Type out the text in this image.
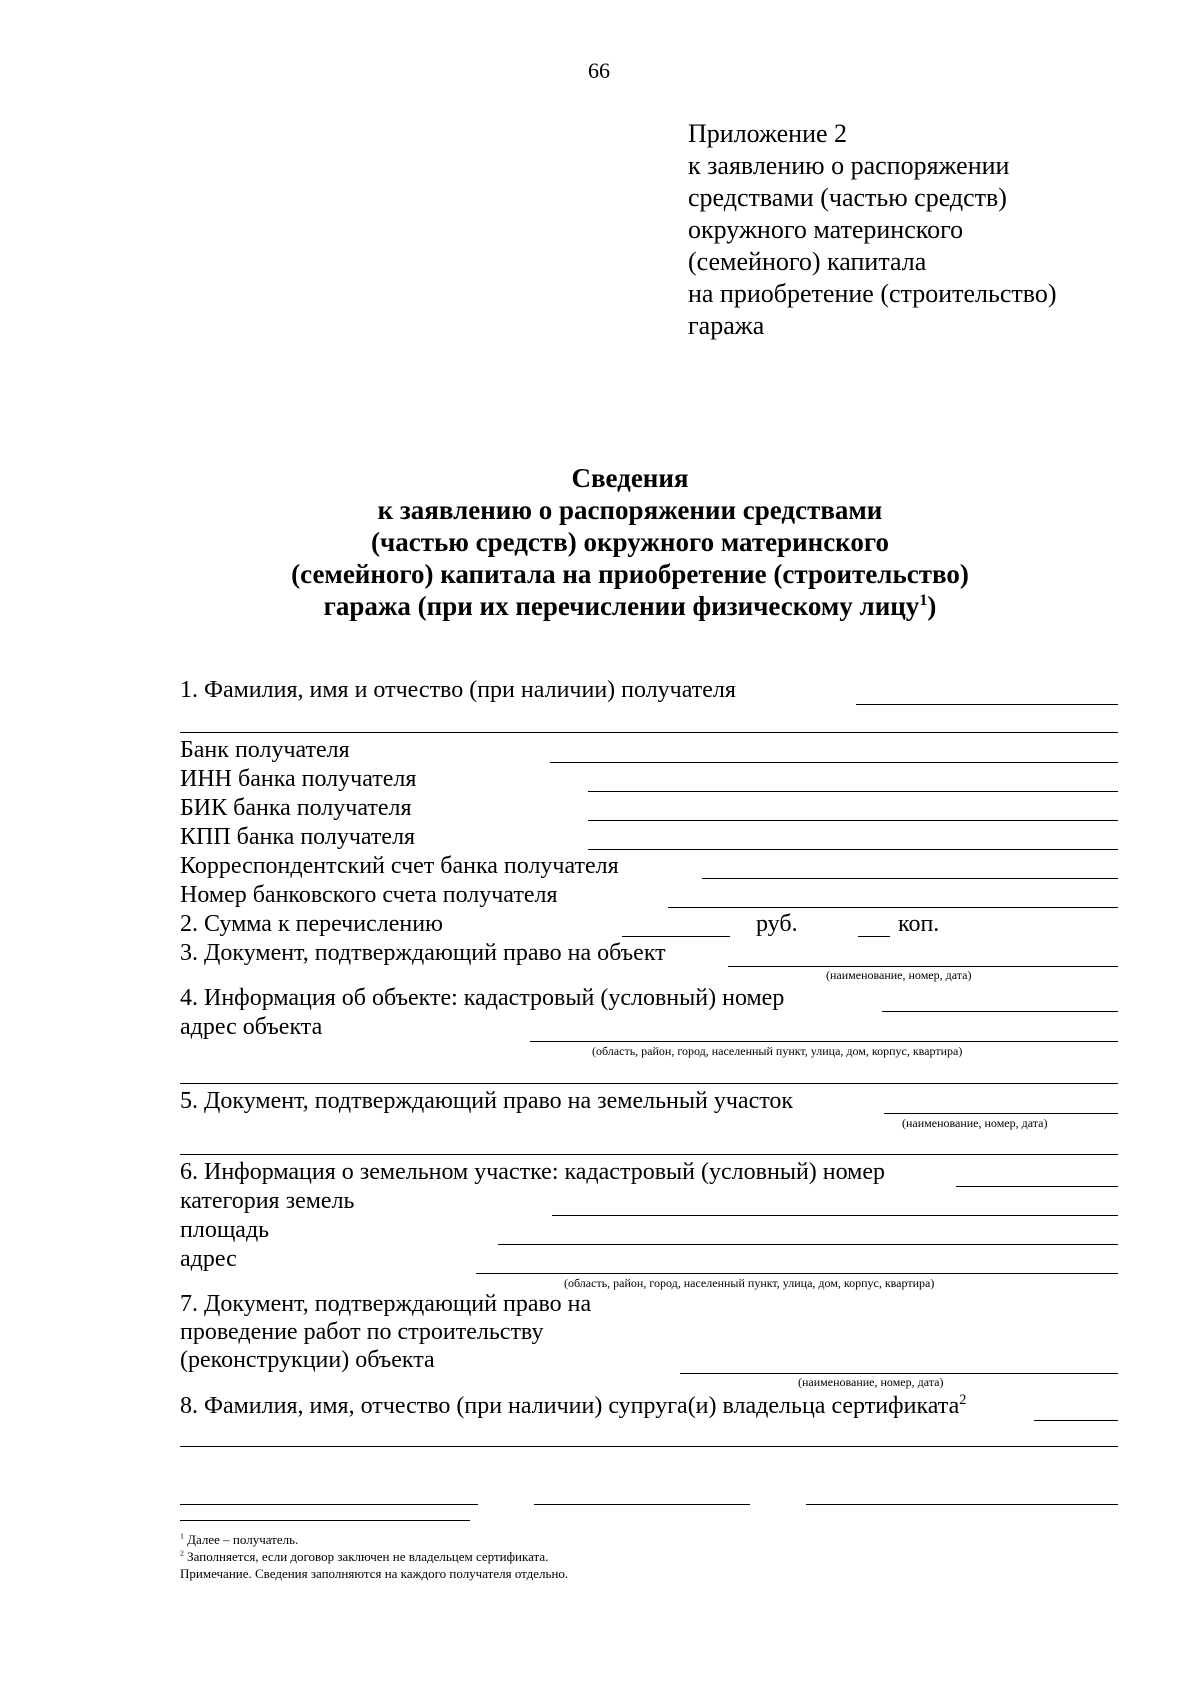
66
Приложение 2
к заявлению о распоряжении
средствами (частью средств)
окружного материнского
(семейного) капитала
на приобретение (строительство)
гаража
Сведения
к заявлению о распоряжении средствами
(частью средств) окружного материнского
(семейного) капитала на приобретение (строительство)
гаража (при их перечислении физическому лицу$^1$)
1. Фамилия, имя и отчество (при наличии) получателя
Банк получателя
ИНН банка получателя
БИК банка получателя
КПП банка получателя
Корреспондентский счет банка получателя
Номер банковского счета получателя
2. Сумма к перечислению	руб.	коп.
3. Документ, подтверждающий право на объект
(наименование, номер, дата)
4. Информация об объекте: кадастровый (условный) номер
адрес объекта
(область, район, город, населенный пункт, улица, дом, корпус, квартира)
5. Документ, подтверждающий право на земельный участок
(наименование, номер, дата)
6. Информация о земельном участке: кадастровый (условный) номер
категория земель
площадь
адрес
(область, район, город, населенный пункт, улица, дом, корпус, квартира)
7. Документ, подтверждающий право на
проведение работ по строительству
(реконструкции) объекта
(наименование, номер, дата)
8. Фамилия, имя, отчество (при наличии) супруга(и) владельца сертификата$^2$
$^1$ Далее – получатель.
$^2$ Заполняется, если договор заключен не владельцем сертификата.
Примечание. Сведения заполняются на каждого получателя отдельно.
